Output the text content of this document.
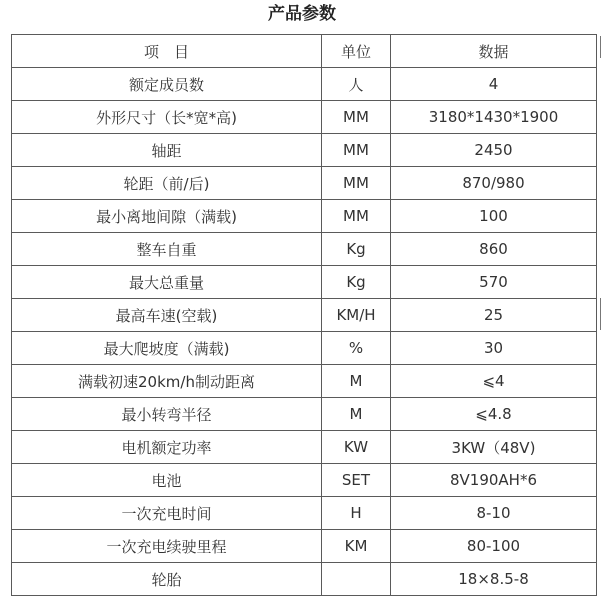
产品参数
项　目	单位	数据
额定成员数	人	4
外形尺寸（长*宽*高)	MM	3180*1430*1900
轴距	MM	2450
轮距（前/后)	MM	870/980
最小离地间隙（满载)	MM	100
整车自重	Kg	860
最大总重量	Kg	570
最高车速(空载)	KM/H	25
最大爬坡度（满载)	%	30
满载初速20km/h制动距离	M	⩽4
最小转弯半径	M	⩽4.8
电机额定功率	KW	3KW（48V)
电池	SET	8V190AH*6
一次充电时间	H	8-10
一次充电续驶里程	KM	80-100
轮胎		18×8.5-8
